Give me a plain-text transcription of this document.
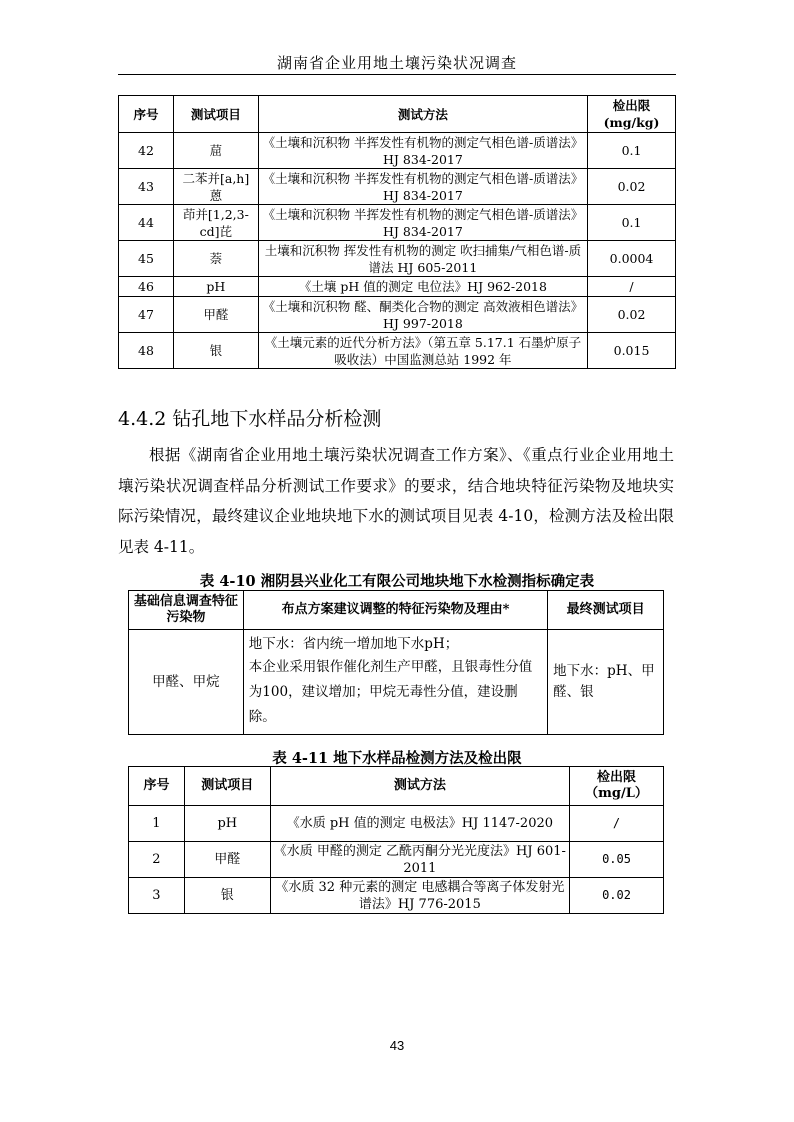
湖南省企业用地土壤污染状况调查
序号	测试项目	测试方法	检出限
(mg/kg)
42	䓛	《土壤和沉积物 半挥发性有机物的测定气相色谱-质谱法》HJ 834-2017	0.1
43	二苯并[a,h]蒽	《土壤和沉积物 半挥发性有机物的测定气相色谱-质谱法》HJ 834-2017	0.02
44	茚并[1,2,3-cd]芘	《土壤和沉积物 半挥发性有机物的测定气相色谱-质谱法》HJ 834-2017	0.1
45	萘	土壤和沉积物 挥发性有机物的测定 吹扫捕集/气相色谱-质谱法 HJ 605-2011	0.0004
46	pH	《土壤 pH 值的测定 电位法》HJ 962-2018	/
47	甲醛	《土壤和沉积物 醛、酮类化合物的测定 高效液相色谱法》HJ 997-2018	0.02
48	银	《土壤元素的近代分析方法》（第五章 5.17.1 石墨炉原子吸收法）中国监测总站 1992 年	0.015
4.4.2 钻孔地下水样品分析检测

根据《湖南省企业用地土壤污染状况调查工作方案》、《重点行业企业用地土壤污染状况调查样品分析测试工作要求》的要求，结合地块特征污染物及地块实际污染情况，最终建议企业地块地下水的测试项目见表 4-10，检测方法及检出限见表 4-11。

表 4-10 湘阴县兴业化工有限公司地块地下水检测指标确定表
基础信息调查特征污染物	布点方案建议调整的特征污染物及理由*	最终测试项目
甲醛、甲烷	地下水：省内统一增加地下水pH；
本企业采用银作催化剂生产甲醛，且银毒性分值为100，建议增加；甲烷无毒性分值，建设删除。	地下水：pH、甲醛、银
表 4-11 地下水样品检测方法及检出限
序号	测试项目	测试方法	检出限
（mg/L）
1	pH	《水质 pH 值的测定 电极法》HJ 1147-2020	/
2	甲醛	《水质 甲醛的测定 乙酰丙酮分光光度法》HJ 601-2011	0.05
3	银	《水质 32 种元素的测定 电感耦合等离子体发射光谱法》HJ 776-2015	0.02
43
